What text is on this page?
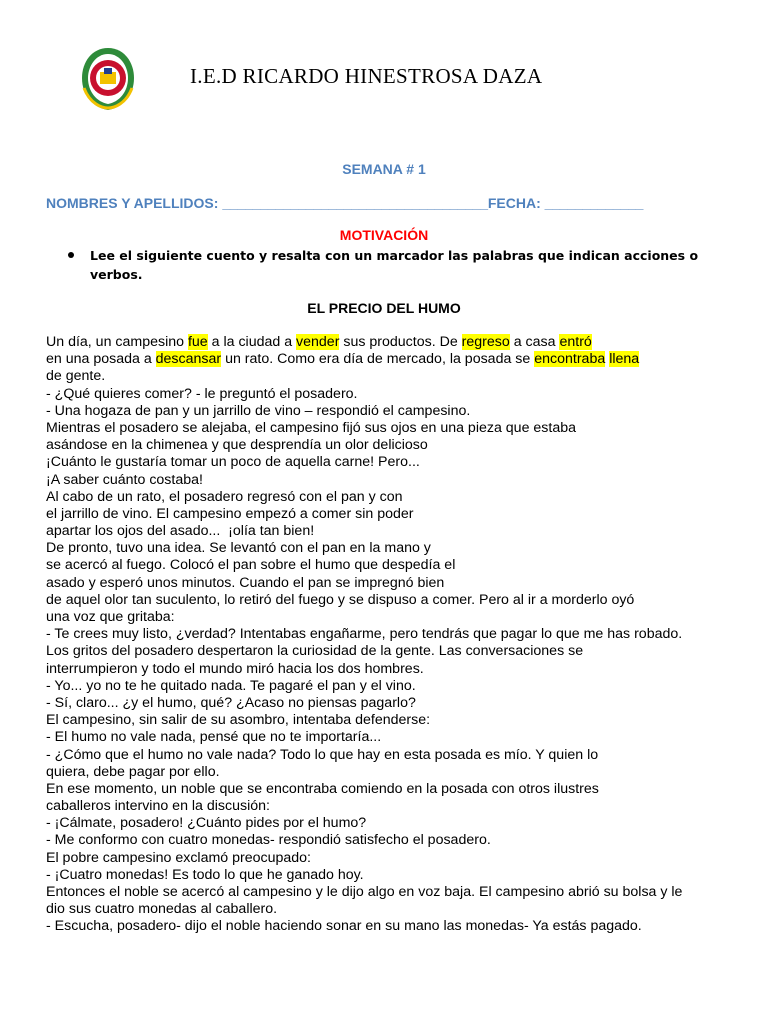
I.E.D RICARDO HINESTROSA DAZA
SEMANA # 1
NOMBRES Y APELLIDOS: ___________________________________FECHA: _____________
MOTIVACIÓN
Lee el siguiente cuento y resalta con un marcador las palabras que indican acciones o verbos.
EL PRECIO DEL HUMO
Un día, un campesino fue a la ciudad a vender sus productos. De regreso a casa entró
en una posada a descansar un rato. Como era día de mercado, la posada se encontraba llena
de gente.
- ¿Qué quieres comer? - le preguntó el posadero.
- Una hogaza de pan y un jarrillo de vino – respondió el campesino.
Mientras el posadero se alejaba, el campesino fijó sus ojos en una pieza que estaba
asándose en la chimenea y que desprendía un olor delicioso
¡Cuánto le gustaría tomar un poco de aquella carne! Pero...
¡A saber cuánto costaba!
Al cabo de un rato, el posadero regresó con el pan y con
el jarrillo de vino. El campesino empezó a comer sin poder
apartar los ojos del asado...  ¡olía tan bien!
De pronto, tuvo una idea. Se levantó con el pan en la mano y
se acercó al fuego. Colocó el pan sobre el humo que despedía el
asado y esperó unos minutos. Cuando el pan se impregnó bien
de aquel olor tan suculento, lo retiró del fuego y se dispuso a comer. Pero al ir a morderlo oyó
una voz que gritaba:
- Te crees muy listo, ¿verdad? Intentabas engañarme, pero tendrás que pagar lo que me has robado.
Los gritos del posadero despertaron la curiosidad de la gente. Las conversaciones se
interrumpieron y todo el mundo miró hacia los dos hombres.
- Yo... yo no te he quitado nada. Te pagaré el pan y el vino.
- Sí, claro... ¿y el humo, qué? ¿Acaso no piensas pagarlo?
El campesino, sin salir de su asombro, intentaba defenderse:
- El humo no vale nada, pensé que no te importaría...
- ¿Cómo que el humo no vale nada? Todo lo que hay en esta posada es mío. Y quien lo
quiera, debe pagar por ello.
En ese momento, un noble que se encontraba comiendo en la posada con otros ilustres
caballeros intervino en la discusión:
- ¡Cálmate, posadero! ¿Cuánto pides por el humo?
- Me conformo con cuatro monedas- respondió satisfecho el posadero.
El pobre campesino exclamó preocupado:
- ¡Cuatro monedas! Es todo lo que he ganado hoy.
Entonces el noble se acercó al campesino y le dijo algo en voz baja. El campesino abrió su bolsa y le
dio sus cuatro monedas al caballero.
- Escucha, posadero- dijo el noble haciendo sonar en su mano las monedas- Ya estás pagado.
